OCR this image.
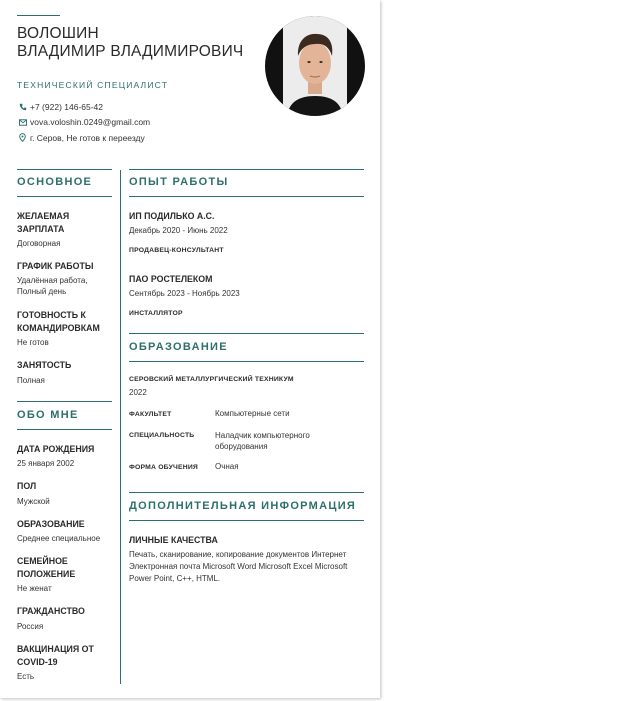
ВОЛОШИН
ВЛАДИМИР ВЛАДИМИРОВИЧ
ТЕХНИЧЕСКИЙ СПЕЦИАЛИСТ
+7 (922) 146-65-42
vova.voloshin.0249@gmail.com
г. Серов, Не готов к переезду
ОСНОВНОЕ
ЖЕЛАЕМАЯ ЗАРПЛАТА
Договорная
ГРАФИК РАБОТЫ
Удалённая работа, Полный день
ГОТОВНОСТЬ К КОМАНДИРОВКАМ
Не готов
ЗАНЯТОСТЬ
Полная
ОБО МНЕ
ДАТА РОЖДЕНИЯ
25 января 2002
ПОЛ
Мужской
ОБРАЗОВАНИЕ
Среднее специальное
СЕМЕЙНОЕ ПОЛОЖЕНИЕ
Не женат
ГРАЖДАНСТВО
Россия
ВАКЦИНАЦИЯ ОТ COVID-19
Есть
ОПЫТ РАБОТЫ
ИП ПОДИЛЬКО А.С.
Декабрь 2020 - Июнь 2022
ПРОДАВЕЦ-КОНСУЛЬТАНТ
ПАО РОСТЕЛЕКОМ
Сентябрь 2023 - Ноябрь 2023
ИНСТАЛЛЯТОР
ОБРАЗОВАНИЕ
СЕРОВСКИЙ МЕТАЛЛУРГИЧЕСКИЙ ТЕХНИКУМ
2022
ФАКУЛЬТЕТ	Компьютерные сети
СПЕЦИАЛЬНОСТЬ	Наладчик компьютерного оборудования
ФОРМА ОБУЧЕНИЯ Очная
ДОПОЛНИТЕЛЬНАЯ ИНФОРМАЦИЯ
ЛИЧНЫЕ КАЧЕСТВА
Печать, сканирование, копирование документов Интернет Электронная почта Microsoft Word Microsoft Excel Microsoft Power Point, С++, HTML.
